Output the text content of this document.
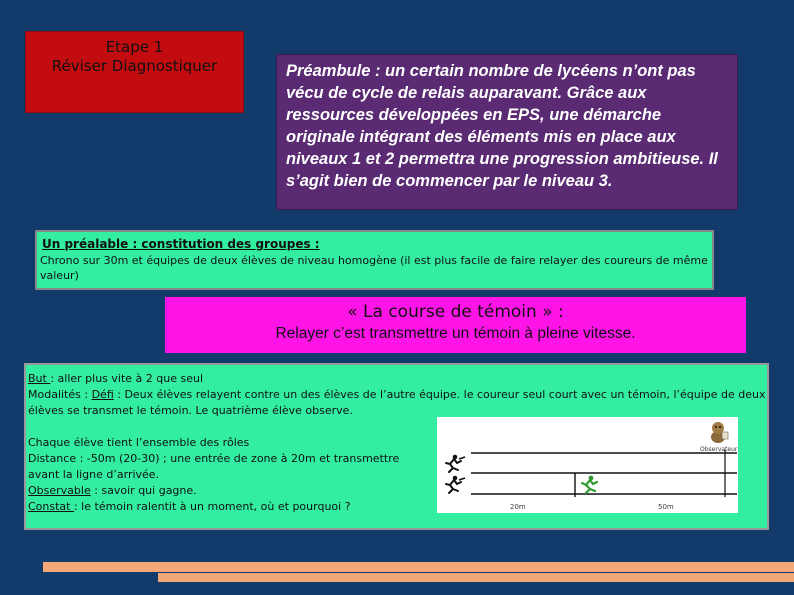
Etape 1
Réviser Diagnostiquer	Préambule : un certain nombre de lycéens n’ont pas vécu de cycle de relais auparavant. Grâce aux ressources développées en EPS, une démarche originale intégrant des éléments mis en place aux niveaux 1 et 2 permettra une progression ambitieuse. Il s’agit bien de commencer par le niveau 3.
Un préalable : constitution des groupes :
Chrono sur 30m et équipes de deux élèves de niveau homogène (il est plus facile de faire relayer des coureurs de même valeur)
« La course de témoin » :
Relayer c’est transmettre un témoin à pleine vitesse.

But : aller plus vite à 2 que seul

Modalités : Défi : Deux élèves relayent contre un des élèves de l’autre équipe. le coureur seul court avec un témoin, l’équipe de deux élèves se transmet le témoin. Le quatrième élève observe.

Chaque élève tient l’ensemble des rôles

Distance : -50m (20-30) ; une entrée de zone à 20m et transmettre

avant la ligne d’arrivée.

Observable : savoir qui gagne.

Constat : le témoin ralentit à un moment, où et pourquoi ?

Observateur
20m	50m
